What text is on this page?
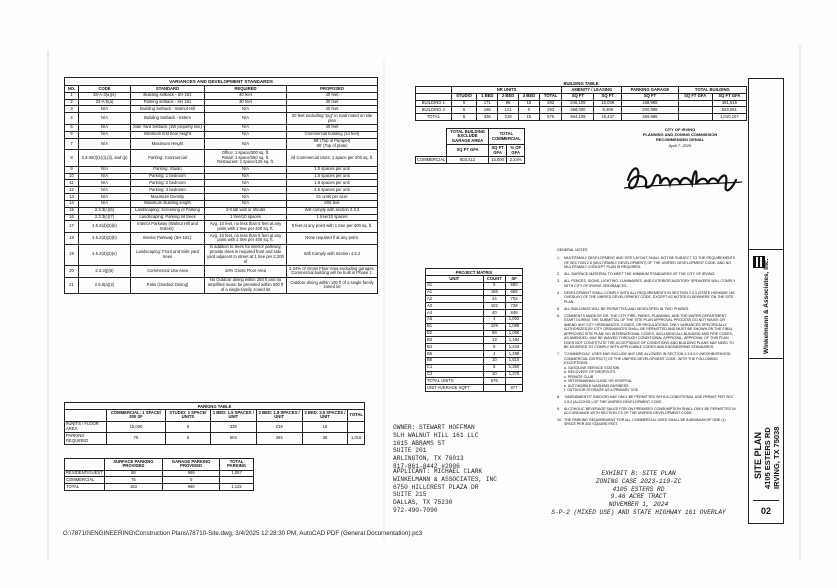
VARIANCES AND DEVELOPMENT STANDARDS
NO.	CODE	STANDARD	REQUIRED	PROPOSED
1	33-A-3(a)(4)	Building setback - SH 161	40 feet	40 feet
2	33-A-5(a)	Parking setback - SH 161	30 feet	30 feet
3	N/A	Building Setback - Walnut Hill	N/A	40 feet
4	N/A	Building Setback - Esters	N/A	20 feet excluding "pig" in road noted on site plan
5	N/A	Side Yard Setback (1W property line)	N/A	40 feet
6	N/A	Minimum first floor height	N/A	Commercial building (14 feet)
7	N/A	Maximum Height	N/A	88' (Top of Parapet)
80' (Top of plate)
8	2.3-30(I)(1)(i),(ii), and (p)	Parking: Commercial	Office: 1 space/300 sq. ft.
Retail: 1 space/250 sq. ft.
Restaurant: 1 space/125 sq. ft.	All Commercial Uses: 1 space per 200 sq. ft.
9	N/A	Parking: Studio	N/A	1.0 spaces per unit
10	N/A	Parking: 1 bedroom	N/A	1.5 spaces per unit
11	N/A	Parking: 2 bedroom	N/A	1.8 spaces per unit
12	N/A	Parking: 3 bedroom	N/A	2.5 spaces per unit
13	N/A	Maximum Density	N/A	61 units per acre
14	N/A	Maximum Building length	N/A	605 feet
15	2.3.3(c)(5)	Landscaping: Screening of Parking	3-ft tall wall or shrubs	Will comply with section 2.3.3
16	2.3.3(c)(7)	Landscaping: Parking lot trees	1 tree/10 spaces	1 tree/10 spaces
17	4.5.2(d)(2)(b)	Interior Parkway (Walnut Hill and Esters):	Avg. 10 feet, no less than 5 feet at any point with 1 tree per 400 sq. ft.	5 feet at any point with 1 tree per 400 sq. ft.
18	4.5.2(d)(2)(b)	Interior Parkway (SH 161):	Avg. 10 feet, no less than 5 feet at any point with 1 tree per 400 sq. ft.	None required if at any point.
19	4.5.2(d)(2)(e)	Landscaping: Front and Side yard trees	In addition to trees for interior parkway, provide trees in required front and side yard adjacent to street at 1 tree per 2,200 sf	Will Comply with Section 4.5.2
20	2.3.3(j)(5)	Commercial Use Area	10% Gross Floor Area	2.24% of Gross Floor Area excluding garages. Commercial building will be built in Phase 1.
21	2.5.6(a)(2)	Patio (Outdoor Dining)	No Outdoor dining within 250 ft and no amplified music be premited within 500 ft of a single-family zoned lot	Outdoor dining within 100 ft of a single family zoned lot
PARKING TABLE
	COMMERCIAL: 1 SPACE/ 300 SF	STUDIO: 1 SPACE/ UNITS	1 BED: 1.5 SPACES / UNIT	2 BED: 1.8 SPACES / UNIT	3 BED: 2.5 SPACES / UNIT	TOTAL
#UNITS / FLOOR AREA	15,000	5	336	219	15	
PARKING REQUIRED	75	5	504	394	38	1,016
	SURFACE PARKING PROVIDED	GARAGE PARKING PROVIDED	TOTAL PARKING
RESIDENT/GUEST	88	969	1,057
COMMERCIAL	75	0	
TOTAL	163	969	1,132
BUILDING TABLE
	NR UNITS					AMENITY / LEASING		PARKING GARAGE	TOTAL BUILDING	
	STUDIO	1 BED	2 BED	3 BED	TOTAL	SQ FT	SQ FT	SQ FT	SQ FT GFA	SQ FT GFA
BUILDING 1	0	171	98	15	282	246,109	10,039	168,988		481,516
BUILDING 2	5	165	121	0	293	258,000	8,408	200,988		528,591
TOTAL	5	336	219	15	575	504,109	18,447	369,988		1,010,107
	TOTAL BUILDING EXCLUDE GARAGE AREA	TOTAL COMMERCIAL	
	SQ FT GFA	SQ FT GFA	% OF GFA
COMMERCIAL	603,412	15,000	2.24%
CITY OF IRVING
PLANNING AND ZONING COMMISSION
RECOMMENDED DENIAL
April 7, 2025
PROJECT MATRIX
UNIT	COUNT	SF
S1	5	580
A1	166	658
A2	24	702
A3	102	728
A4	40	848
A5	4	1,002
B1	129	1,089
B2	59	1,056
B3	13	1,184
B4	5	1,223
B5	4	1,289
B6	10	1,510
C1	5	1,360
C2	10	1,370
TOTAL UNITS	575	
UNIT AVERAGE SQFT		877
GENERAL NOTES

1.	MULTIFAMILY DEVELOPMENT AND SITE LAYOUT SHALL NOT BE SUBJECT TO THE REQUIREMENTS OF SECTION 2.6 (MULTIFAMILY DEVELOPMENT) OF THE UNIFIED DEVELOPMENT CODE, AND NO MULTIFAMILY CONCEPT PLAN IS REQUIRED.

2.	ALL SURFACE MATERIAL TO MEET THE MINIMUM STANDARDS OF THE CITY OF IRVING.

3.	ALL FENCES, SIGNS, LIGHTING, LUMINAIRES, AND EXTERIOR AUDITORY SPEAKERS WILL COMPLY WITH CITY OF IRVING ORDINANCES.

4.	DEVELOPMENT SHALL COMPLY WITH ALL REQUIREMENTS IN SECTION 2.3.3 (STATE HIGHWAY 161 OVERLAY) OF THE UNIFIED DEVELOPMENT CODE, EXCEPT AS NOTED ELSEWHERE ON THE SITE PLAN.

5.	ALL BUILDINGS WILL BE PERMITTED AND DEVELOPED IN TWO PHASES.

6.	COMMENTS MADE BY DR. THE CITY FIRE, PARKS, PLANNING, AND THE WATER DEPARTMENT START DURING THE SUBMITTAL OF THE SITE PLAN APPROVAL PROCESS DO NOT WAIVE OR AMEND ANY CITY ORDINANCES, CODES, OR REGULATIONS. ONLY VARIANCES SPECIFICALLY AUTHORIZED BY CITY ORDINANCES SHALL BE PERMITTED AND MUST BE SHOWN ON THE FINAL APPROVED SITE PLAN. NO INTERNATIONAL CODES, INCLUDING ALL BUILDING AND FIRE CODES, AS AMENDED, MAY BE WAIVED THROUGH CONDITIONAL APPROVAL. APPROVAL OF THIS PLAN DOES NOT CONSTITUTE THE ACCEPTANCE OF CONDITIONS AND BUILDING PLANS MAY NEED TO BE MODIFIED TO COMPLY WITH APPLICABLE CODES AND ENGINEERING STANDARDS.

7.	"COMMERCIAL" USES MAY INCLUDE ANY USE ALLOWED IN SECTION 2.3.6.0.0 (NEIGHBORHOOD COMMERCIAL DISTRICT) OF THE UNIFIED DEVELOPMENT CODE, WITH THE FOLLOWING EXCEPTIONS:
a. GASOLINE SERVICE STATION
b. RECOVERY OF DROPOUTS
c. PRIVATE CLUB
d. VETERINARIAN CLINIC OR HOSPITAL
e. AUTOMOBILE WASHING BUSINESS
f. OUTDOOR STORAGE AS A PRIMARY USE

8.	"AMENDMENTS" INDOOR) MAY ONLY BE PERMITTED WITH A CONDITIONAL USE PERMIT PER SEC 2.5.4 (ALCOHOL) OF THE UNIFIED DEVELOPMENT CODE.

9.	ALCOHOLIC BEVERAGE SALES FOR ON-PREMISES CONSUMPTION SHALL ONLY BE PERMITTED IN ACCORDANCE WITH SECTION 2.5 OF THE UNIFIED DEVELOPMENT CODE.

10. THE PARKING REQUIREMENT FOR ALL COMMERCIAL USES SHALL BE A MINIMUM OF ONE (1) SPACE PER 200 SQUARE FEET.

OWNER: STEWART HOFFMAN
SLH WALNUT HILL 161 LLC
1615 ABRAMS ST
SUITE 201
ARLINGTON, TX 76013
817-861-8442 #2006
APPLICANT: MICHAEL CLARK
WINKELMANN & ASSOCIATES, INC
6750 HILLCREST PLAZA DR
SUITE 215
DALLAS, TX 75230
972-490-7090
EXHIBIT B: SITE PLAN
ZONING CASE 2023-110-ZC
4105 ESTERS RD
9.46 ACRE TRACT
NOVEMBER 1, 2024
S-P-2 (MIXED USE) AND STATE HIGHWAY 161 OVERLAY
Winkelmann & Associates, Inc.
SITE PLAN 4105 ESTERS RD IRVING, TX 75038
02
G:\78710\ENGINEERING\Construction Plans\78710-Site.dwg, 3/4/2025 12:28:30 PM, AutoCAD PDF (General Documentation).pc3
